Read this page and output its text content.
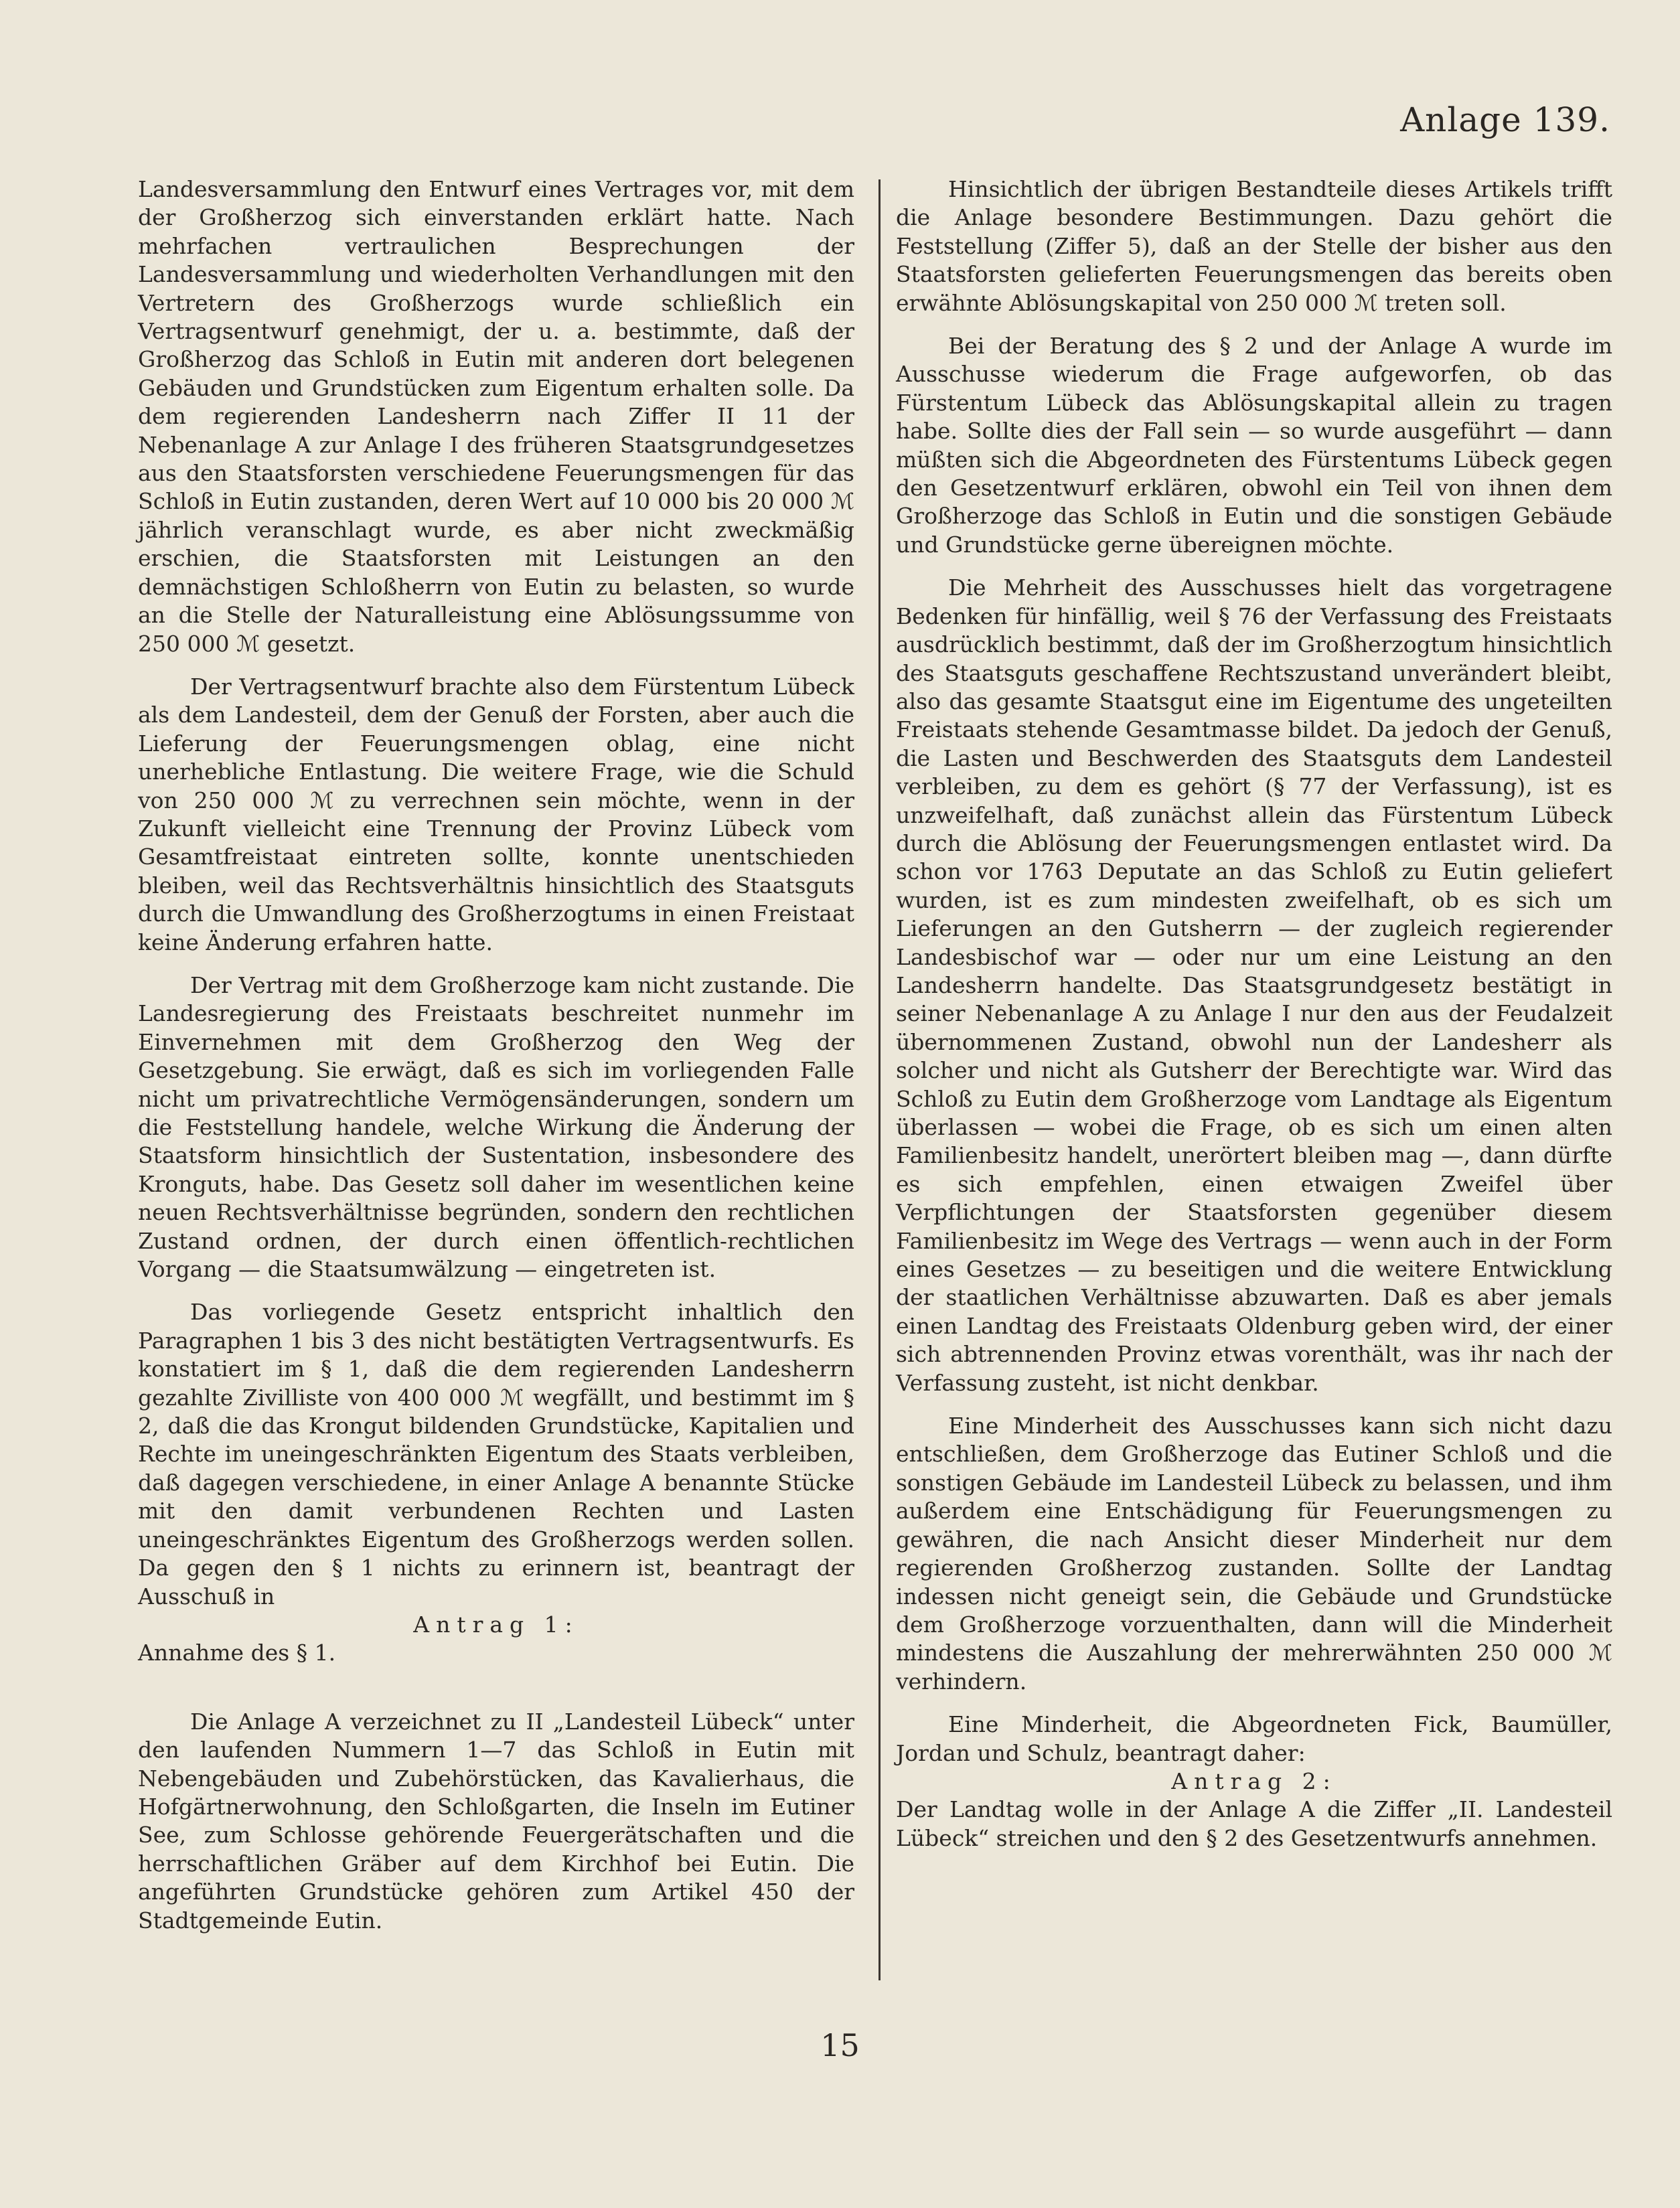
Anlage 139.

Landesversammlung den Entwurf eines Vertrages vor, mit dem der Großherzog sich einverstanden erklärt hatte. Nach mehrfachen vertraulichen Besprechungen der Landesversammlung und wiederholten Verhandlungen mit den Vertretern des Großherzogs wurde schließlich ein Vertragsentwurf genehmigt, der u. a. bestimmte, daß der Großherzog das Schloß in Eutin mit anderen dort belegenen Gebäuden und Grundstücken zum Eigentum erhalten solle. Da dem regierenden Landesherrn nach Ziffer II 11 der Nebenanlage A zur Anlage I des früheren Staatsgrundgesetzes aus den Staatsforsten verschiedene Feuerungsmengen für das Schloß in Eutin zustanden, deren Wert auf 10 000 bis 20 000 ℳ jährlich veranschlagt wurde, es aber nicht zweckmäßig erschien, die Staatsforsten mit Leistungen an den demnächstigen Schloßherrn von Eutin zu belasten, so wurde an die Stelle der Naturalleistung eine Ablösungssumme von 250 000 ℳ gesetzt.

Der Vertragsentwurf brachte also dem Fürstentum Lübeck als dem Landesteil, dem der Genuß der Forsten, aber auch die Lieferung der Feuerungsmengen oblag, eine nicht unerhebliche Entlastung. Die weitere Frage, wie die Schuld von 250 000 ℳ zu verrechnen sein möchte, wenn in der Zukunft vielleicht eine Trennung der Provinz Lübeck vom Gesamtfreistaat eintreten sollte, konnte unentschieden bleiben, weil das Rechtsverhältnis hinsichtlich des Staatsguts durch die Umwandlung des Großherzogtums in einen Freistaat keine Änderung erfahren hatte.

Der Vertrag mit dem Großherzoge kam nicht zustande. Die Landesregierung des Freistaats beschreitet nunmehr im Einvernehmen mit dem Großherzog den Weg der Gesetzgebung. Sie erwägt, daß es sich im vorliegenden Falle nicht um privatrechtliche Vermögensänderungen, sondern um die Feststellung handele, welche Wirkung die Änderung der Staatsform hinsichtlich der Sustentation, insbesondere des Kronguts, habe. Das Gesetz soll daher im wesentlichen keine neuen Rechtsverhältnisse begründen, sondern den rechtlichen Zustand ordnen, der durch einen öffentlich-rechtlichen Vorgang — die Staatsumwälzung — eingetreten ist.

Das vorliegende Gesetz entspricht inhaltlich den Paragraphen 1 bis 3 des nicht bestätigten Vertragsentwurfs. Es konstatiert im § 1, daß die dem regierenden Landesherrn gezahlte Zivilliste von 400 000 ℳ wegfällt, und bestimmt im § 2, daß die das Krongut bildenden Grundstücke, Kapitalien und Rechte im uneingeschränkten Eigentum des Staats verbleiben, daß dagegen verschiedene, in einer Anlage A benannte Stücke mit den damit verbundenen Rechten und Lasten uneingeschränktes Eigentum des Großherzogs werden sollen. Da gegen den § 1 nichts zu erinnern ist, beantragt der Ausschuß in

Antrag 1:

Annahme des § 1.

Die Anlage A verzeichnet zu II „Landesteil Lübeck“ unter den laufenden Nummern 1—7 das Schloß in Eutin mit Nebengebäuden und Zubehörstücken, das Kavalierhaus, die Hofgärtnerwohnung, den Schloßgarten, die Inseln im Eutiner See, zum Schlosse gehörende Feuergerätschaften und die herrschaftlichen Gräber auf dem Kirchhof bei Eutin. Die angeführten Grundstücke gehören zum Artikel 450 der Stadtgemeinde Eutin.

Hinsichtlich der übrigen Bestandteile dieses Artikels trifft die Anlage besondere Bestimmungen. Dazu gehört die Feststellung (Ziffer 5), daß an der Stelle der bisher aus den Staatsforsten gelieferten Feuerungsmengen das bereits oben erwähnte Ablösungskapital von 250 000 ℳ treten soll.

Bei der Beratung des § 2 und der Anlage A wurde im Ausschusse wiederum die Frage aufgeworfen, ob das Fürstentum Lübeck das Ablösungskapital allein zu tragen habe. Sollte dies der Fall sein — so wurde ausgeführt — dann müßten sich die Abgeordneten des Fürstentums Lübeck gegen den Gesetzentwurf erklären, obwohl ein Teil von ihnen dem Großherzoge das Schloß in Eutin und die sonstigen Gebäude und Grundstücke gerne übereignen möchte.

Die Mehrheit des Ausschusses hielt das vorgetragene Bedenken für hinfällig, weil § 76 der Verfassung des Freistaats ausdrücklich bestimmt, daß der im Großherzogtum hinsichtlich des Staatsguts geschaffene Rechtszustand unverändert bleibt, also das gesamte Staatsgut eine im Eigentume des ungeteilten Freistaats stehende Gesamtmasse bildet. Da jedoch der Genuß, die Lasten und Beschwerden des Staatsguts dem Landesteil verbleiben, zu dem es gehört (§ 77 der Verfassung), ist es unzweifelhaft, daß zunächst allein das Fürstentum Lübeck durch die Ablösung der Feuerungsmengen entlastet wird. Da schon vor 1763 Deputate an das Schloß zu Eutin geliefert wurden, ist es zum mindesten zweifelhaft, ob es sich um Lieferungen an den Gutsherrn — der zugleich regierender Landesbischof war — oder nur um eine Leistung an den Landesherrn handelte. Das Staatsgrundgesetz bestätigt in seiner Nebenanlage A zu Anlage I nur den aus der Feudalzeit übernommenen Zustand, obwohl nun der Landesherr als solcher und nicht als Gutsherr der Berechtigte war. Wird das Schloß zu Eutin dem Großherzoge vom Landtage als Eigentum überlassen — wobei die Frage, ob es sich um einen alten Familienbesitz handelt, unerörtert bleiben mag —, dann dürfte es sich empfehlen, einen etwaigen Zweifel über Verpflichtungen der Staatsforsten gegenüber diesem Familienbesitz im Wege des Vertrags — wenn auch in der Form eines Gesetzes — zu beseitigen und die weitere Entwicklung der staatlichen Verhältnisse abzuwarten. Daß es aber jemals einen Landtag des Freistaats Oldenburg geben wird, der einer sich abtrennenden Provinz etwas vorenthält, was ihr nach der Verfassung zusteht, ist nicht denkbar.

Eine Minderheit des Ausschusses kann sich nicht dazu entschließen, dem Großherzoge das Eutiner Schloß und die sonstigen Gebäude im Landesteil Lübeck zu belassen, und ihm außerdem eine Entschädigung für Feuerungsmengen zu gewähren, die nach Ansicht dieser Minderheit nur dem regierenden Großherzog zustanden. Sollte der Landtag indessen nicht geneigt sein, die Gebäude und Grundstücke dem Großherzoge vorzuenthalten, dann will die Minderheit mindestens die Auszahlung der mehrerwähnten 250 000 ℳ verhindern.

Eine Minderheit, die Abgeordneten Fick, Baumüller, Jordan und Schulz, beantragt daher:

Antrag 2:

Der Landtag wolle in der Anlage A die Ziffer „II. Landesteil Lübeck“ streichen und den § 2 des Gesetzentwurfs annehmen.

15
